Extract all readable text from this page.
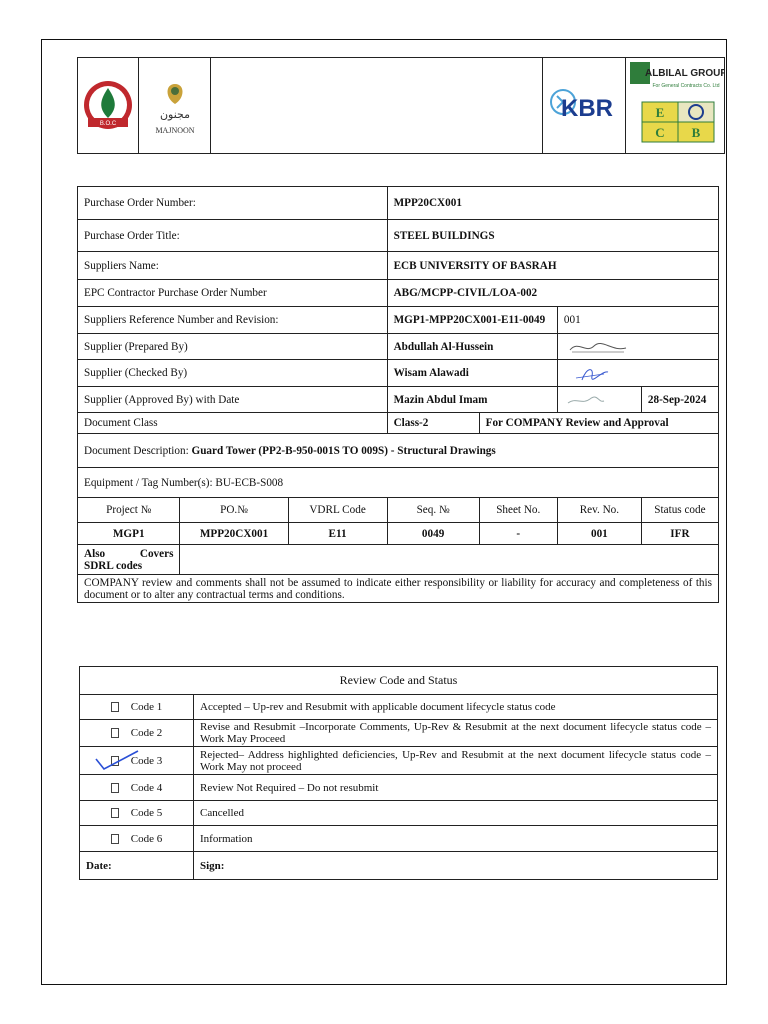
B.O.C
مجنون
MAJNOON
KBR
ALBILAL GROUP
For General Contracts Co. Ltd
E
C B
Purchase Order Number:			MPP20CX001			
Purchase Order Title:			STEEL BUILDINGS			
Suppliers Name:			ECB UNIVERSITY OF BASRAH			
EPC Contractor Purchase Order Number			ABG/MCPP-CIVIL/LOA-002			
Suppliers Reference Number and Revision:			MGP1-MPP20CX001-E11-0049		001	
Supplier (Prepared By)			Abdullah Al-Hussein	

Supplier (Checked By)			Wisam Alawadi	

Supplier (Approved By) with Date			Mazin Abdul Imam			28-Sep-2024
Document Class			Class-2	For COMPANY Review and Approval		
Document Description: Guard Tower (PP2-B-950-001S TO 009S) - Structural Drawings						
Equipment / Tag Number(s): BU-ECB-S008						
Project №	PO.№	VDRL Code	Seq. №	Sheet No.	Rev. No.	Status code
MGP1	MPP20CX001	E11	0049	-	001	IFR
Also Covers SDRL codes						
COMPANY review and comments shall not be assumed to indicate either responsibility or liability for accuracy and completeness of this document or to alter any contractual terms and conditions.						
Review Code and Status	
Code 1	Accepted – Up-rev and Resubmit with applicable document lifecycle status code
Code 2	Revise and Resubmit –Incorporate Comments, Up-Rev & Resubmit at the next document lifecycle status code – Work May Proceed
Code 3	Rejected– Address highlighted deficiencies, Up-Rev and Resubmit at the next document lifecycle status code – Work May not proceed
Code 4	Review Not Required – Do not resubmit
Code 5	Cancelled
Code 6	Information
Date:	Sign:
